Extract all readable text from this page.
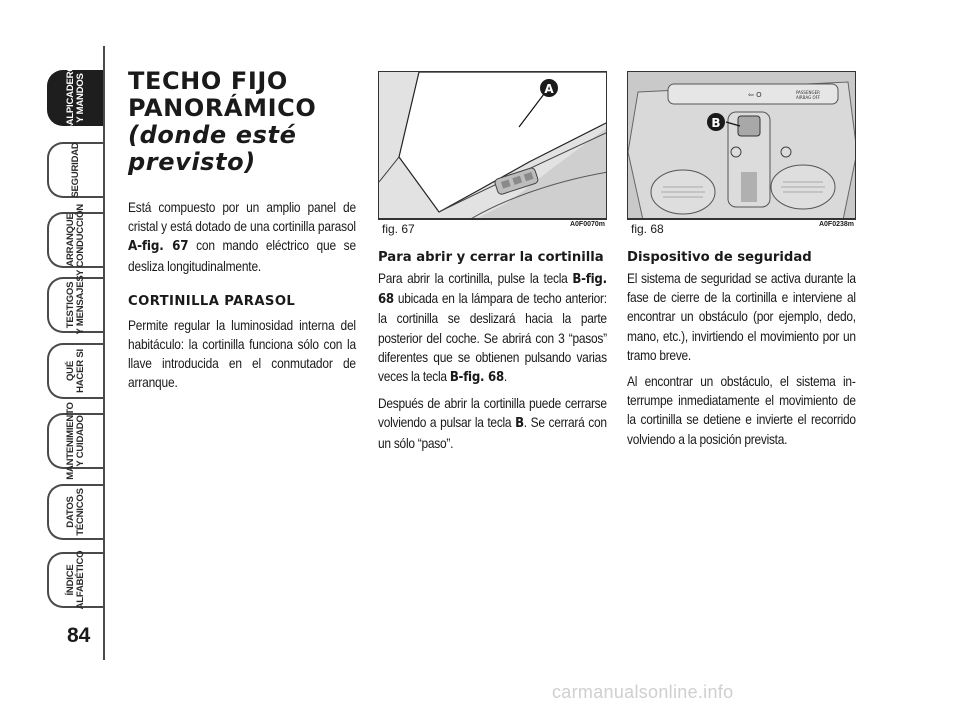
SALPICADERO
Y MANDOS
SEGURIDAD
ARRANQUE
Y CONDUCCIÓN
TESTIGOS
Y MENSAJES
QUÉ
HACER SI
MANTENIMIENTO
Y CUIDADO
DATOS
TÉCNICOS
ÍNDICE
ALFABÉTICO
84
TECHO FIJO
PANORÁMICO
(donde esté
previsto)

Está compuesto por un amplio panel de cristal y está dotado de una cortinilla parasol A-fig. 67 con mando eléctrico que se desliza longitudinalmente.

CORTINILLA PARASOL

Permite regular la luminosidad interna del habitáculo: la cortinilla funciona sólo con la llave introducida en el conmutador de arranque.

A
fig. 67	A0F0070m
⇦ O	PASSENGER
AIRBAG OFF
B
fig. 68	A0F0238m
Para abrir y cerrar la cortinilla

Para abrir la cortinilla, pulse la tecla B-fig. 68 ubicada en la lámpara de techo anterior: la cortinilla se deslizará hacia la parte posterior del coche. Se abrirá con 3 “pasos” diferentes que se obtienen pulsando varias veces la tecla B-fig. 68.

Después de abrir la cortinilla puede cerrarse volviendo a pulsar la tecla B. Se cerrará con un sólo “paso”.

Dispositivo de seguridad

El sistema de seguridad se activa durante la fase de cierre de la cortinilla e interviene al encontrar un obstáculo (por ejemplo, dedo, mano, etc.), invirtiendo el movimiento por un tramo breve.

Al encontrar un obstáculo, el sistema interrumpe inmediatamente el movimiento de la cortinilla se detiene e invierte el recorrido volviendo a la posición prevista.

carmanualsonline.info
